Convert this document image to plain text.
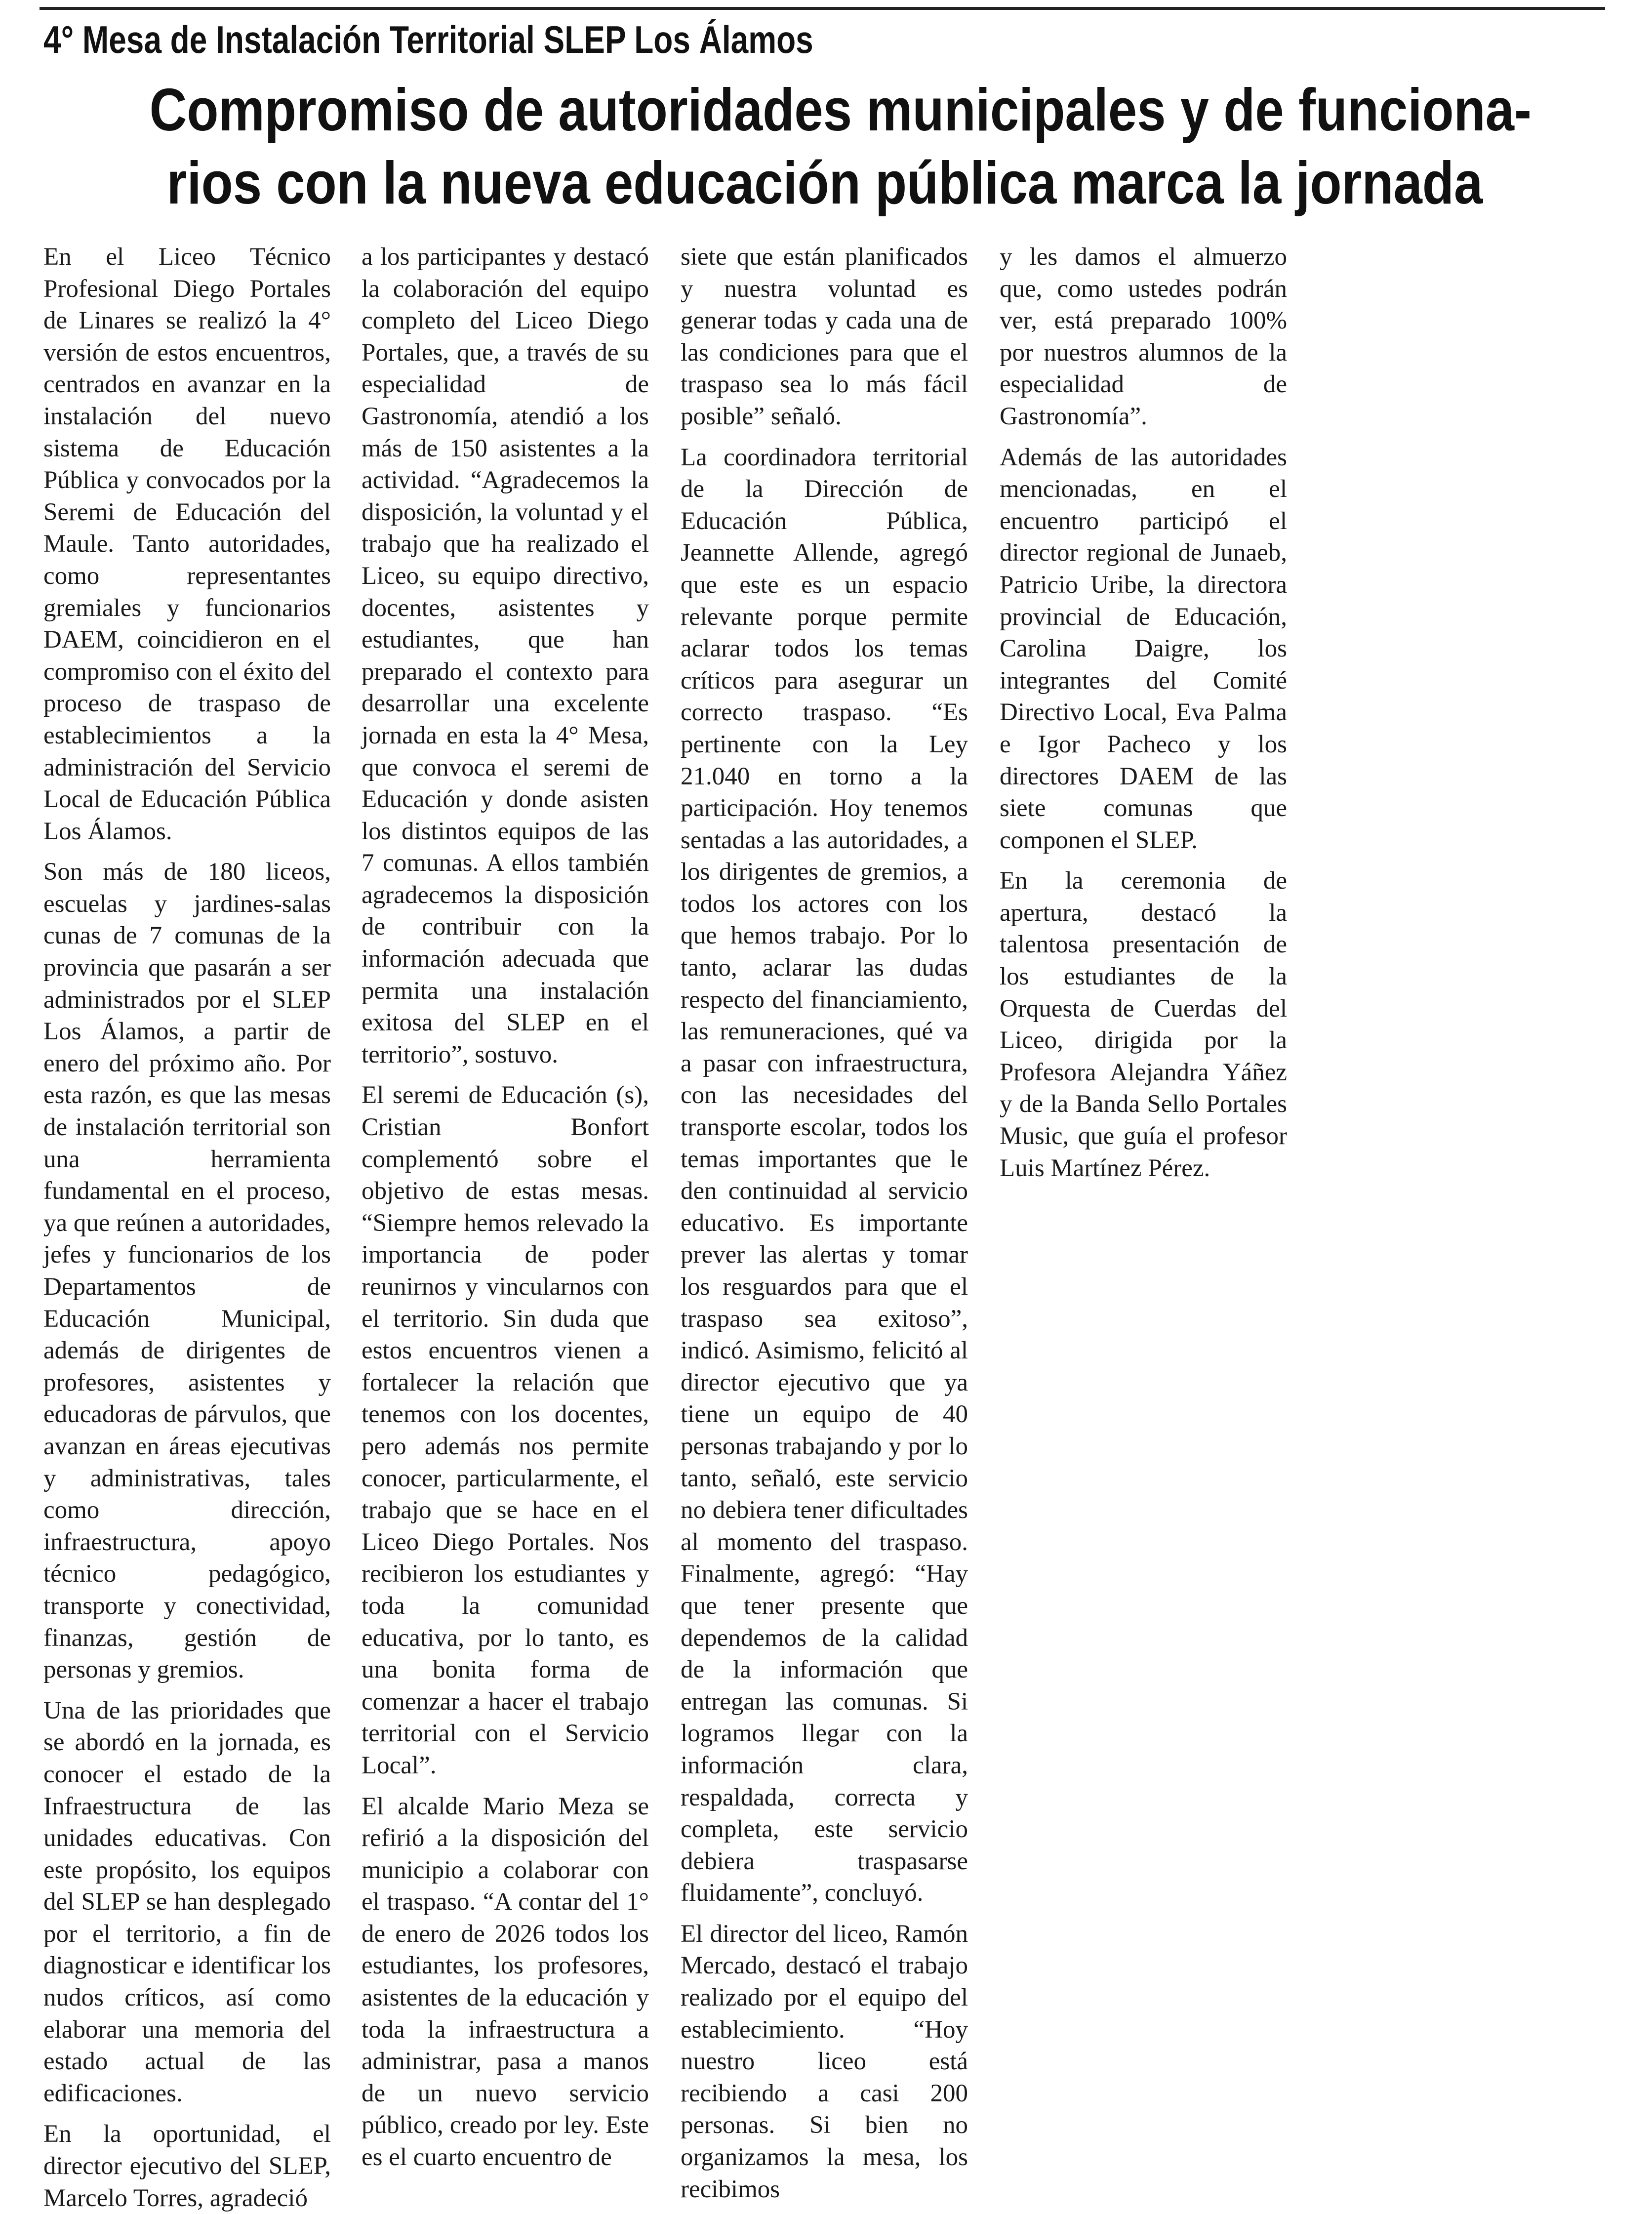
4° Mesa de Instalación Territorial SLEP Los Álamos
Compromiso de autoridades municipales y de funciona-
rios con la nueva educación pública marca la jornada

En el Liceo Técnico Profesional Diego Portales de Linares se realizó la 4° versión de estos encuentros, centrados en avanzar en la instalación del nuevo sistema de Educación Pública y convocados por la Seremi de Educación del Maule. Tanto autoridades, como representantes gremiales y funcionarios DAEM, coincidieron en el compromiso con el éxito del proceso de traspaso de establecimientos a la administración del Servicio Local de Educación Pública Los Álamos.

Son más de 180 liceos, escuelas y jardines-salas cunas de 7 comunas de la provincia que pasarán a ser administrados por el SLEP Los Álamos, a partir de enero del próximo año. Por esta razón, es que las mesas de instalación territorial son una herramienta fundamental en el proceso, ya que reúnen a autoridades, jefes y funcionarios de los Departamentos de Educación Municipal, además de dirigentes de profesores, asistentes y educadoras de párvulos, que avanzan en áreas ejecutivas y administrativas, tales como dirección, infraestructura, apoyo técnico pedagógico, transporte y conectividad, finanzas, gestión de personas y gremios.

Una de las prioridades que se abordó en la jornada, es conocer el estado de la Infraestructura de las unidades educativas. Con este propósito, los equipos del SLEP se han desplegado por el territorio, a fin de diagnosticar e identificar los nudos críticos, así como elaborar una memoria del estado actual de las edificaciones.

En la oportunidad, el director ejecutivo del SLEP, Marcelo Torres, agradeció

a los participantes y destacó la colaboración del equipo completo del Liceo Diego Portales, que, a través de su especialidad de Gastronomía, atendió a los más de 150 asistentes a la actividad. “Agradecemos la disposición, la voluntad y el trabajo que ha realizado el Liceo, su equipo directivo, docentes, asistentes y estudiantes, que han preparado el contexto para desarrollar una excelente jornada en esta la 4° Mesa, que convoca el seremi de Educación y donde asisten los distintos equipos de las 7 comunas. A ellos también agradecemos la disposición de contribuir con la información adecuada que permita una instalación exitosa del SLEP en el territorio”, sostuvo.

El seremi de Educación (s), Cristian Bonfort complementó sobre el objetivo de estas mesas. “Siempre hemos relevado la importancia de poder reunirnos y vincularnos con el territorio. Sin duda que estos encuentros vienen a fortalecer la relación que tenemos con los docentes, pero además nos permite conocer, particularmente, el trabajo que se hace en el Liceo Diego Portales. Nos recibieron los estudiantes y toda la comunidad educativa, por lo tanto, es una bonita forma de comenzar a hacer el trabajo territorial con el Servicio Local”.

El alcalde Mario Meza se refirió a la disposición del municipio a colaborar con el traspaso. “A contar del 1° de enero de 2026 todos los estudiantes, los profesores, asistentes de la educación y toda la infraestructura a administrar, pasa a manos de un nuevo servicio público, creado por ley. Este es el cuarto encuentro de

siete que están planificados y nuestra voluntad es generar todas y cada una de las condiciones para que el traspaso sea lo más fácil posible” señaló.

La coordinadora territorial de la Dirección de Educación Pública, Jeannette Allende, agregó que este es un espacio relevante porque permite aclarar todos los temas críticos para asegurar un correcto traspaso. “Es pertinente con la Ley 21.040 en torno a la participación. Hoy tenemos sentadas a las autoridades, a los dirigentes de gremios, a todos los actores con los que hemos trabajo. Por lo tanto, aclarar las dudas respecto del financiamiento, las remuneraciones, qué va a pasar con infraestructura, con las necesidades del transporte escolar, todos los temas importantes que le den continuidad al servicio educativo. Es importante prever las alertas y tomar los resguardos para que el traspaso sea exitoso”, indicó. Asimismo, felicitó al director ejecutivo que ya tiene un equipo de 40 personas trabajando y por lo tanto, señaló, este servicio no debiera tener dificultades al momento del traspaso. Finalmente, agregó: “Hay que tener presente que dependemos de la calidad de la información que entregan las comunas. Si logramos llegar con la información clara, respaldada, correcta y completa, este servicio debiera traspasarse fluidamente”, concluyó.

El director del liceo, Ramón Mercado, destacó el trabajo realizado por el equipo del establecimiento. “Hoy nuestro liceo está recibiendo a casi 200 personas. Si bien no organizamos la mesa, los recibimos

y les damos el almuerzo que, como ustedes podrán ver, está preparado 100% por nuestros alumnos de la especialidad de Gastronomía”.

Además de las autoridades mencionadas, en el encuentro participó el director regional de Junaeb, Patricio Uribe, la directora provincial de Educación, Carolina Daigre, los integrantes del Comité Directivo Local, Eva Palma e Igor Pacheco y los directores DAEM de las siete comunas que componen el SLEP.

En la ceremonia de apertura, destacó la talentosa presentación de los estudiantes de la Orquesta de Cuerdas del Liceo, dirigida por la Profesora Alejandra Yáñez y de la Banda Sello Portales Music, que guía el profesor Luis Martínez Pérez.
